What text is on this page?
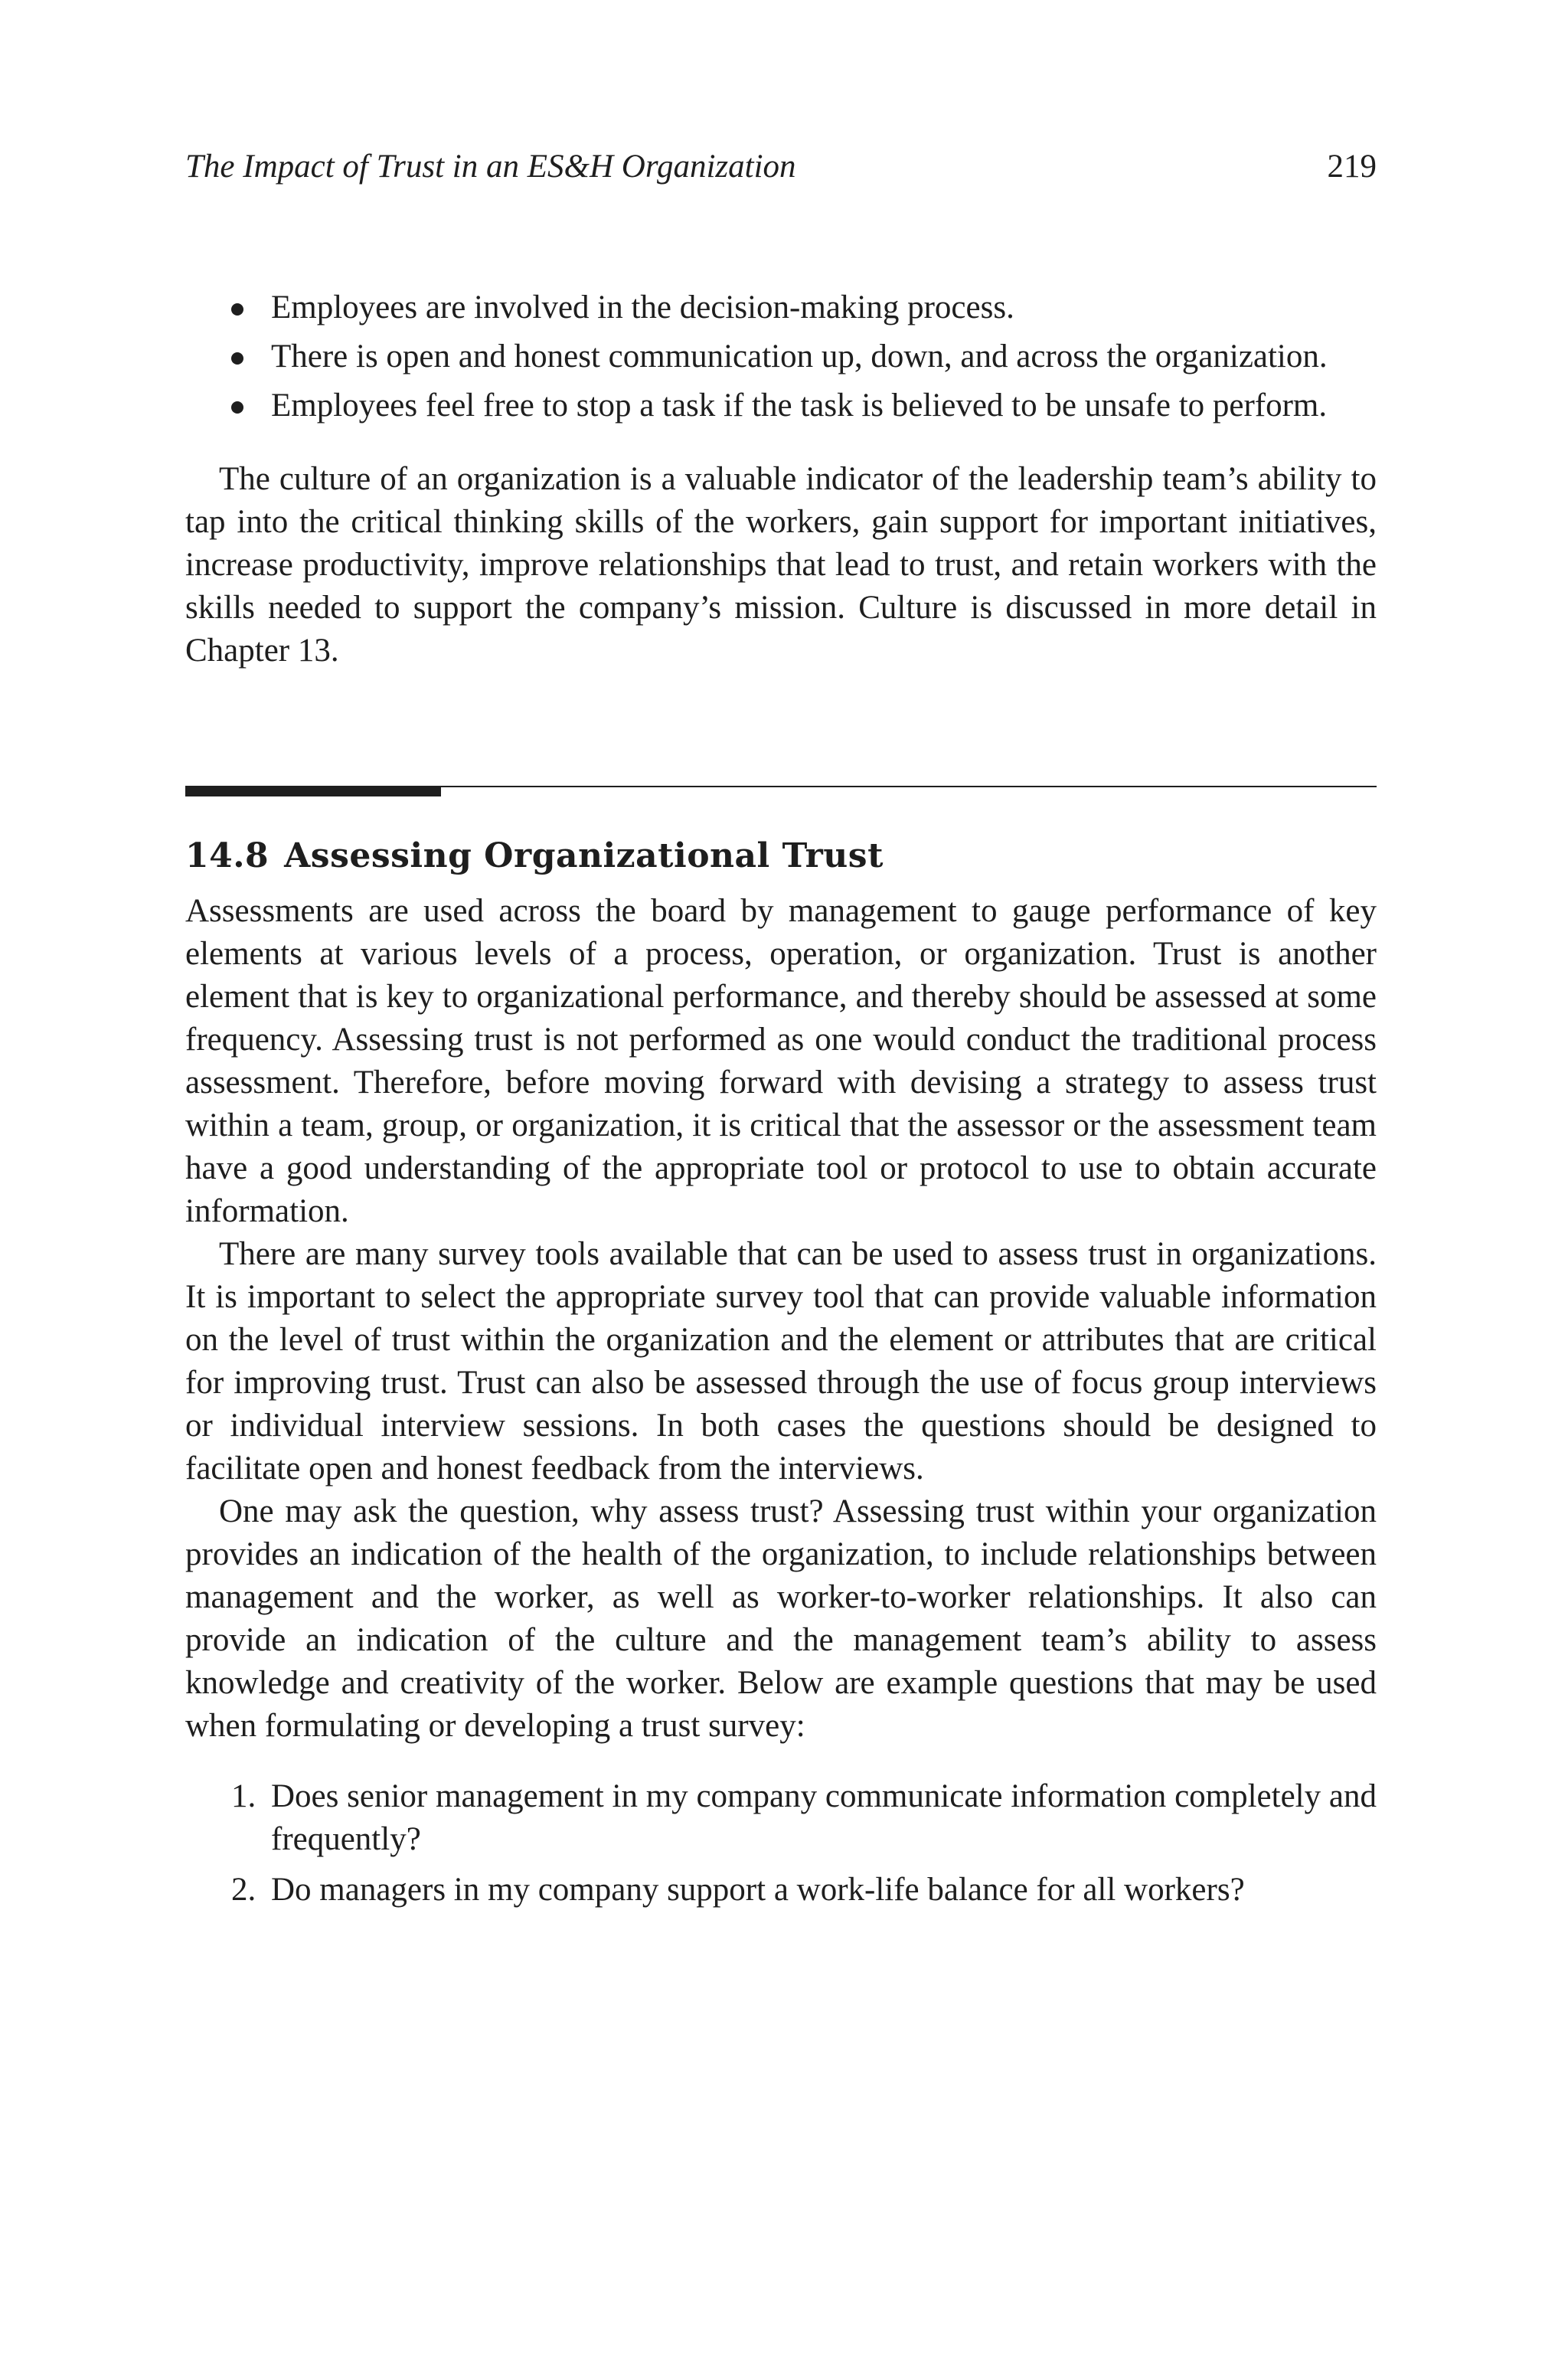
The Impact of Trust in an ES&H Organization	219
Employees are involved in the decision-making process.
There is open and honest communication up, down, and across the organization.
Employees feel free to stop a task if the task is believed to be unsafe to perform.

The culture of an organization is a valuable indicator of the leadership team’s ability to tap into the critical thinking skills of the workers, gain support for important initiatives, increase productivity, improve relationships that lead to trust, and retain workers with the skills needed to support the company’s mission. Culture is discussed in more detail in Chapter 13.

14.8 Assessing Organizational Trust

Assessments are used across the board by management to gauge performance of key elements at various levels of a process, operation, or organization. Trust is another element that is key to organizational performance, and thereby should be assessed at some frequency. Assessing trust is not performed as one would conduct the traditional process assessment. Therefore, before moving forward with devising a strategy to assess trust within a team, group, or organization, it is critical that the assessor or the assessment team have a good understanding of the appropriate tool or protocol to use to obtain accurate information.

There are many survey tools available that can be used to assess trust in organizations. It is important to select the appropriate survey tool that can provide valuable information on the level of trust within the organization and the element or attributes that are critical for improving trust. Trust can also be assessed through the use of focus group interviews or individual interview sessions. In both cases the questions should be designed to facilitate open and honest feedback from the interviews.

One may ask the question, why assess trust? Assessing trust within your organization provides an indication of the health of the organization, to include relationships between management and the worker, as well as worker-to-worker relationships. It also can provide an indication of the culture and the management team’s ability to assess knowledge and creativity of the worker. Below are example questions that may be used when formulating or developing a trust survey:

1. Does senior management in my company communicate information completely and frequently?
2. Do managers in my company support a work-life balance for all workers?
